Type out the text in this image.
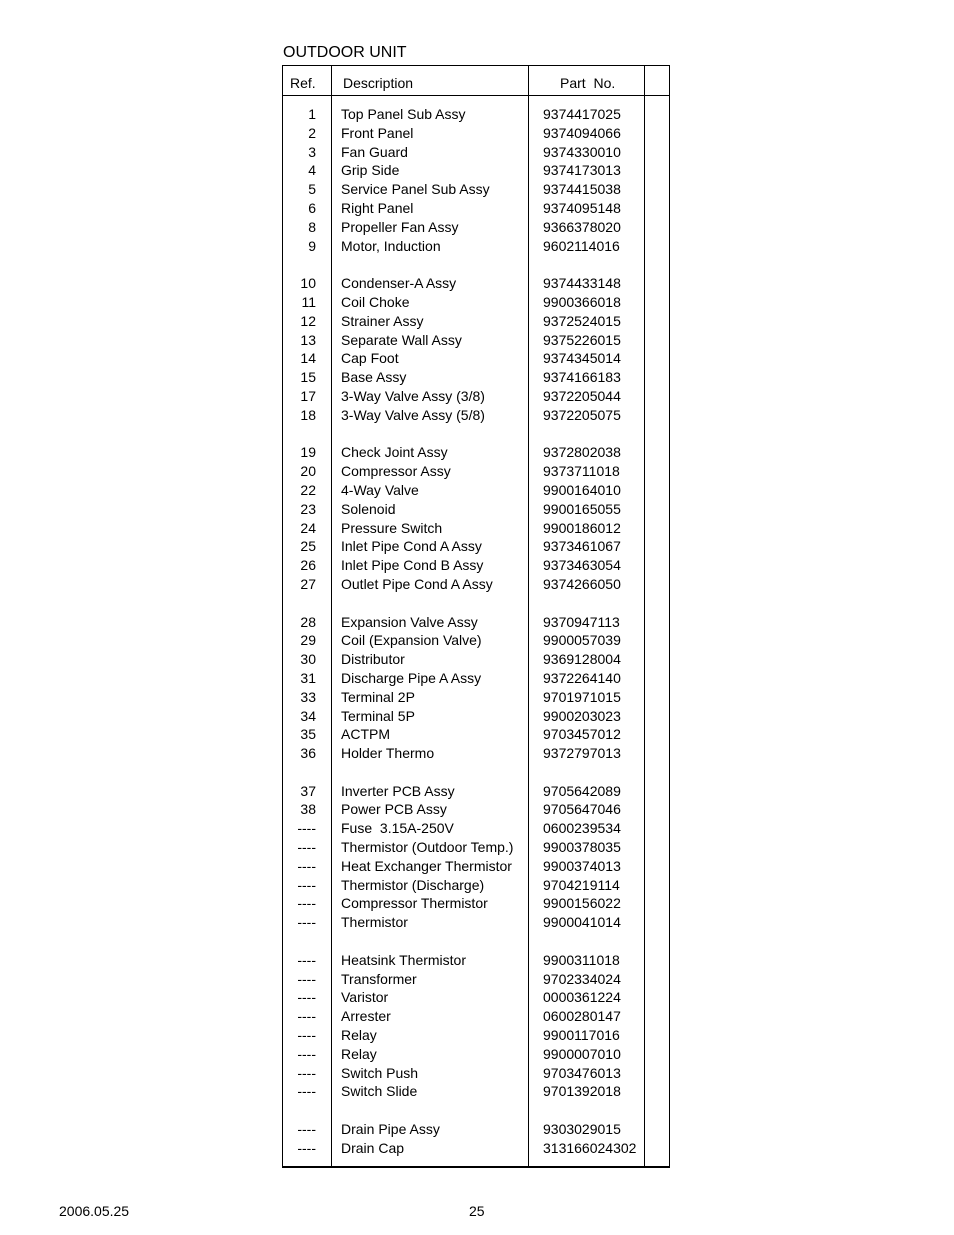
OUTDOOR UNIT
Ref. Description	Part  No.
1 Top Panel Sub Assy	9374417025
2 Front Panel	9374094066
3 Fan Guard	9374330010
4 Grip Side	9374173013
5 Service Panel Sub Assy	9374415038
6 Right Panel	9374095148
8 Propeller Fan Assy	9366378020
9 Motor, Induction	9602114016
10 Condenser-A Assy	9374433148
11 Coil Choke	9900366018
12 Strainer Assy	9372524015
13 Separate Wall Assy	9375226015
14 Cap Foot	9374345014
15 Base Assy	9374166183
17 3-Way Valve Assy (3/8)	9372205044
18 3-Way Valve Assy (5/8)	9372205075
19 Check Joint Assy	9372802038
20 Compressor Assy	9373711018
22 4-Way Valve	9900164010
23 Solenoid	9900165055
24 Pressure Switch	9900186012
25 Inlet Pipe Cond A Assy	9373461067
26 Inlet Pipe Cond B Assy	9373463054
27 Outlet Pipe Cond A Assy	9374266050
28 Expansion Valve Assy	9370947113
29 Coil (Expansion Valve)	9900057039
30 Distributor	9369128004
31 Discharge Pipe A Assy	9372264140
33 Terminal 2P	9701971015
34 Terminal 5P	9900203023
35 ACTPM	9703457012
36 Holder Thermo	9372797013
37 Inverter PCB Assy	9705642089
38 Power PCB Assy	9705647046
---- Fuse  3.15A-250V	0600239534
---- Thermistor (Outdoor Temp.) 9900378035
---- Heat Exchanger Thermistor 9900374013
---- Thermistor (Discharge)	9704219114
---- Compressor Thermistor	9900156022
---- Thermistor	9900041014
---- Heatsink Thermistor	9900311018
---- Transformer	9702334024
---- Varistor	0000361224
---- Arrester	0600280147
---- Relay	9900117016
---- Relay	9900007010
---- Switch Push	9703476013
---- Switch Slide	9701392018
---- Drain Pipe Assy	9303029015
---- Drain Cap	313166024302
2006.05.25	25
